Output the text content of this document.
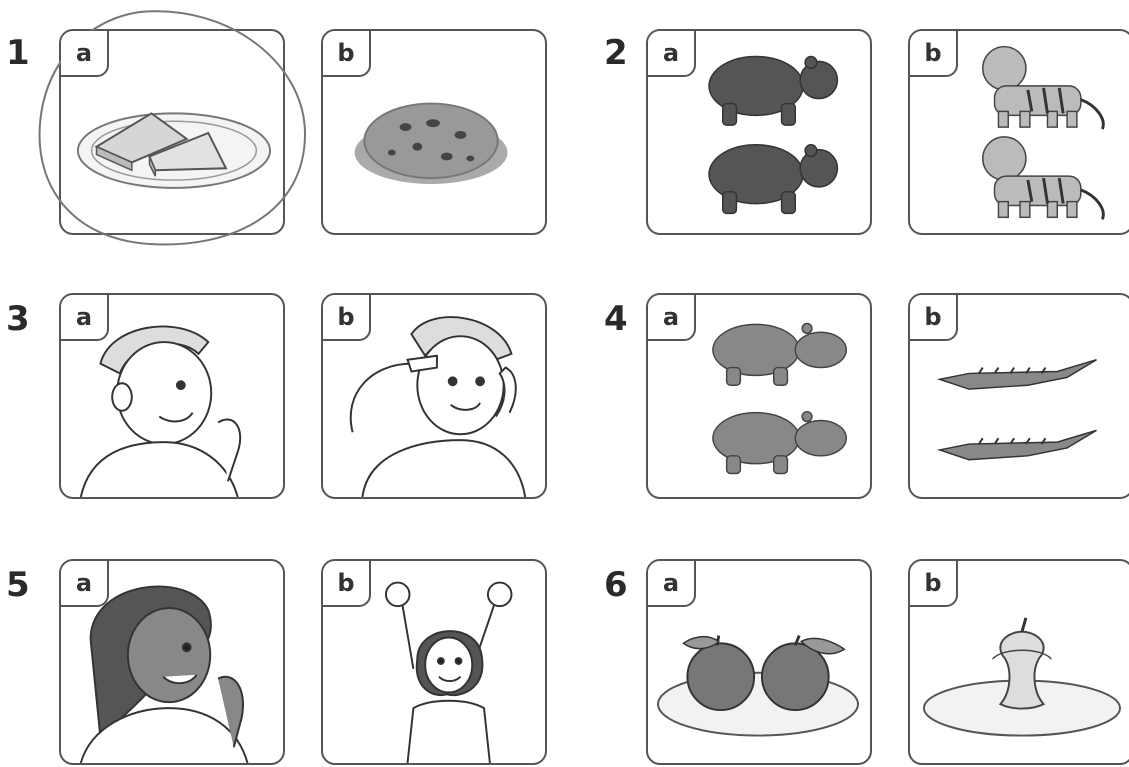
1	2
3	4
5	6
a	b	a	b
a	b	a	b
a	b	a	b
